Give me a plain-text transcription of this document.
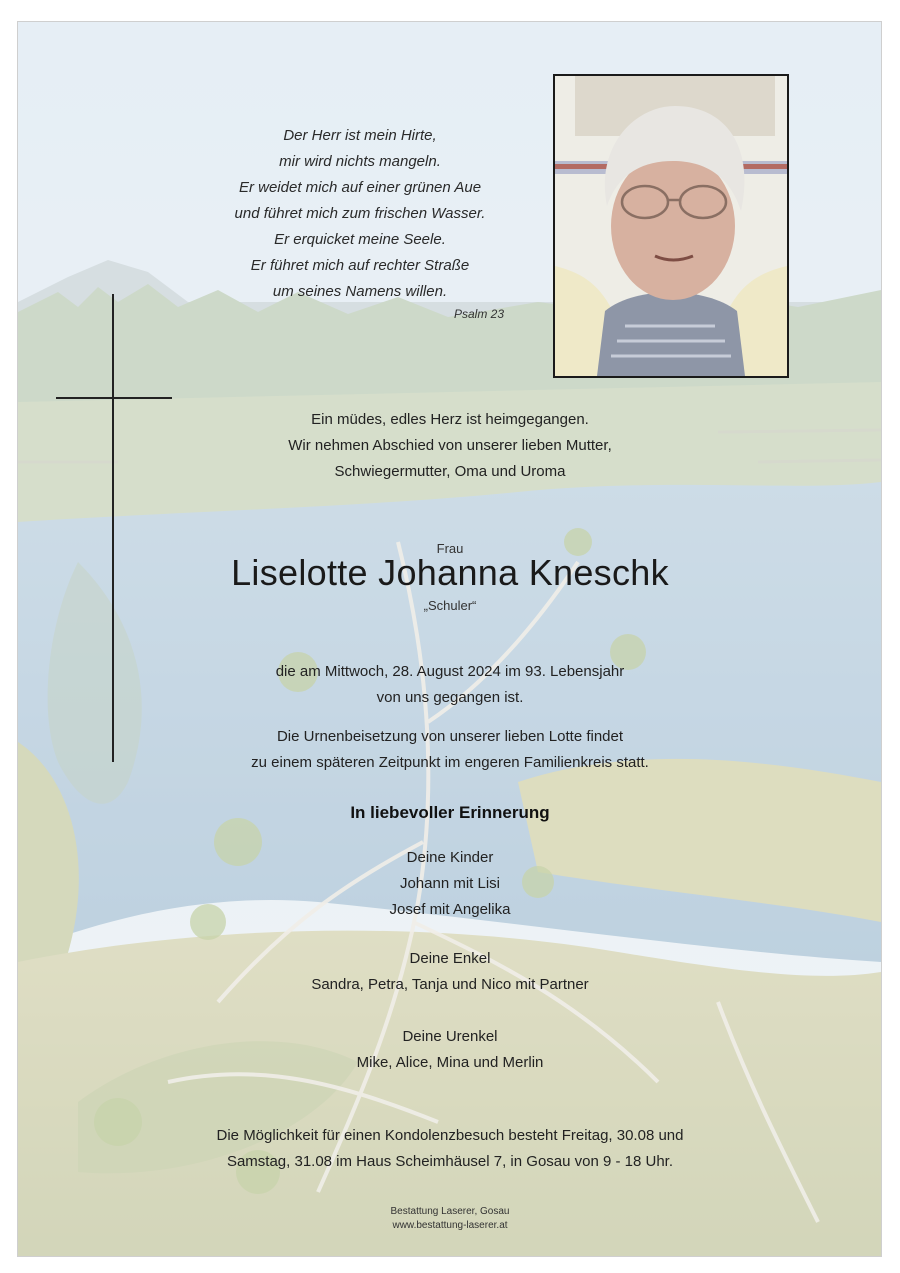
Der Herr ist mein Hirte,
mir wird nichts mangeln.
Er weidet mich auf einer grünen Aue
und führet mich zum frischen Wasser.
Er erquicket meine Seele.
Er führet mich auf rechter Straße
um seines Namens willen.
Psalm 23
Ein müdes, edles Herz ist heimgegangen.
Wir nehmen Abschied von unserer lieben Mutter,
Schwiegermutter, Oma und Uroma
Frau
Liselotte Johanna Kneschk
„Schuler“
die am Mittwoch, 28. August 2024 im 93. Lebensjahr
von uns gegangen ist.
Die Urnenbeisetzung von unserer lieben Lotte findet
zu einem späteren Zeitpunkt im engeren Familienkreis statt.
In liebevoller Erinnerung
Deine Kinder
Johann mit Lisi
Josef mit Angelika
Deine Enkel
Sandra, Petra, Tanja und Nico mit Partner
Deine Urenkel
Mike, Alice, Mina und Merlin
Die Möglichkeit für einen Kondolenzbesuch besteht Freitag, 30.08 und
Samstag, 31.08 im Haus Scheimhäusel 7, in Gosau von 9 - 18 Uhr.
Bestattung Laserer, Gosau
www.bestattung-laserer.at
